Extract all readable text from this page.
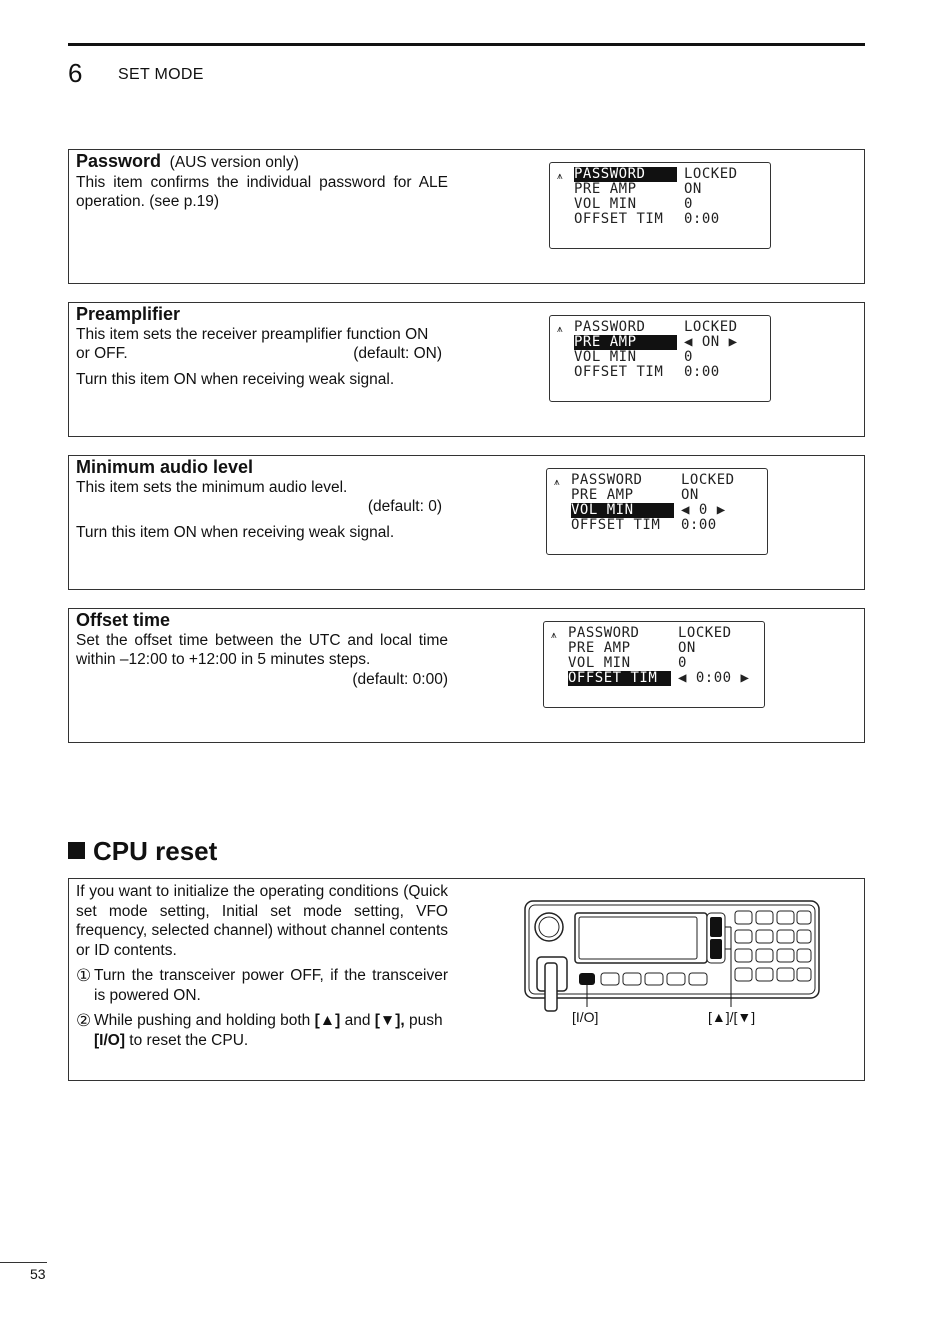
6 SET MODE
Password (AUS version only)

This item confirms the individual password for ALE operation. (see p.19)

⩚ PASSWORD	LOCKED
PRE AMP	ON
VOL MIN	0
OFFSET TIM	0:00
Preamplifier

This item sets the receiver preamplifier function ON

or OFF.	(default: ON)

Turn this item ON when receiving weak signal.

⩚ PASSWORD	LOCKED
PRE AMP	◀ ON ▶
VOL MIN	0
OFFSET TIM	0:00
Minimum audio level

This item sets the minimum audio level.

(default: 0)

Turn this item ON when receiving weak signal.

⩚ PASSWORD	LOCKED
PRE AMP	ON
VOL MIN	◀ 0 ▶
OFFSET TIM	0:00
Offset time

Set the offset time between the UTC and local time within –12:00 to +12:00 in 5 minutes steps.

(default: 0:00)
⩚ PASSWORD	LOCKED
PRE AMP	ON
VOL MIN	0
OFFSET TIM	◀ 0:00 ▶
CPU reset

If you want to initialize the operating conditions (Quick set mode setting, Initial set mode setting, VFO frequency, selected channel) without channel contents or ID contents.

① Turn the transceiver power OFF, if the transceiver is powered ON.
② While pushing and holding both [▲] and [▼], push [I/O] to reset the CPU.
[I/O]	[▲]/[▼]
53
